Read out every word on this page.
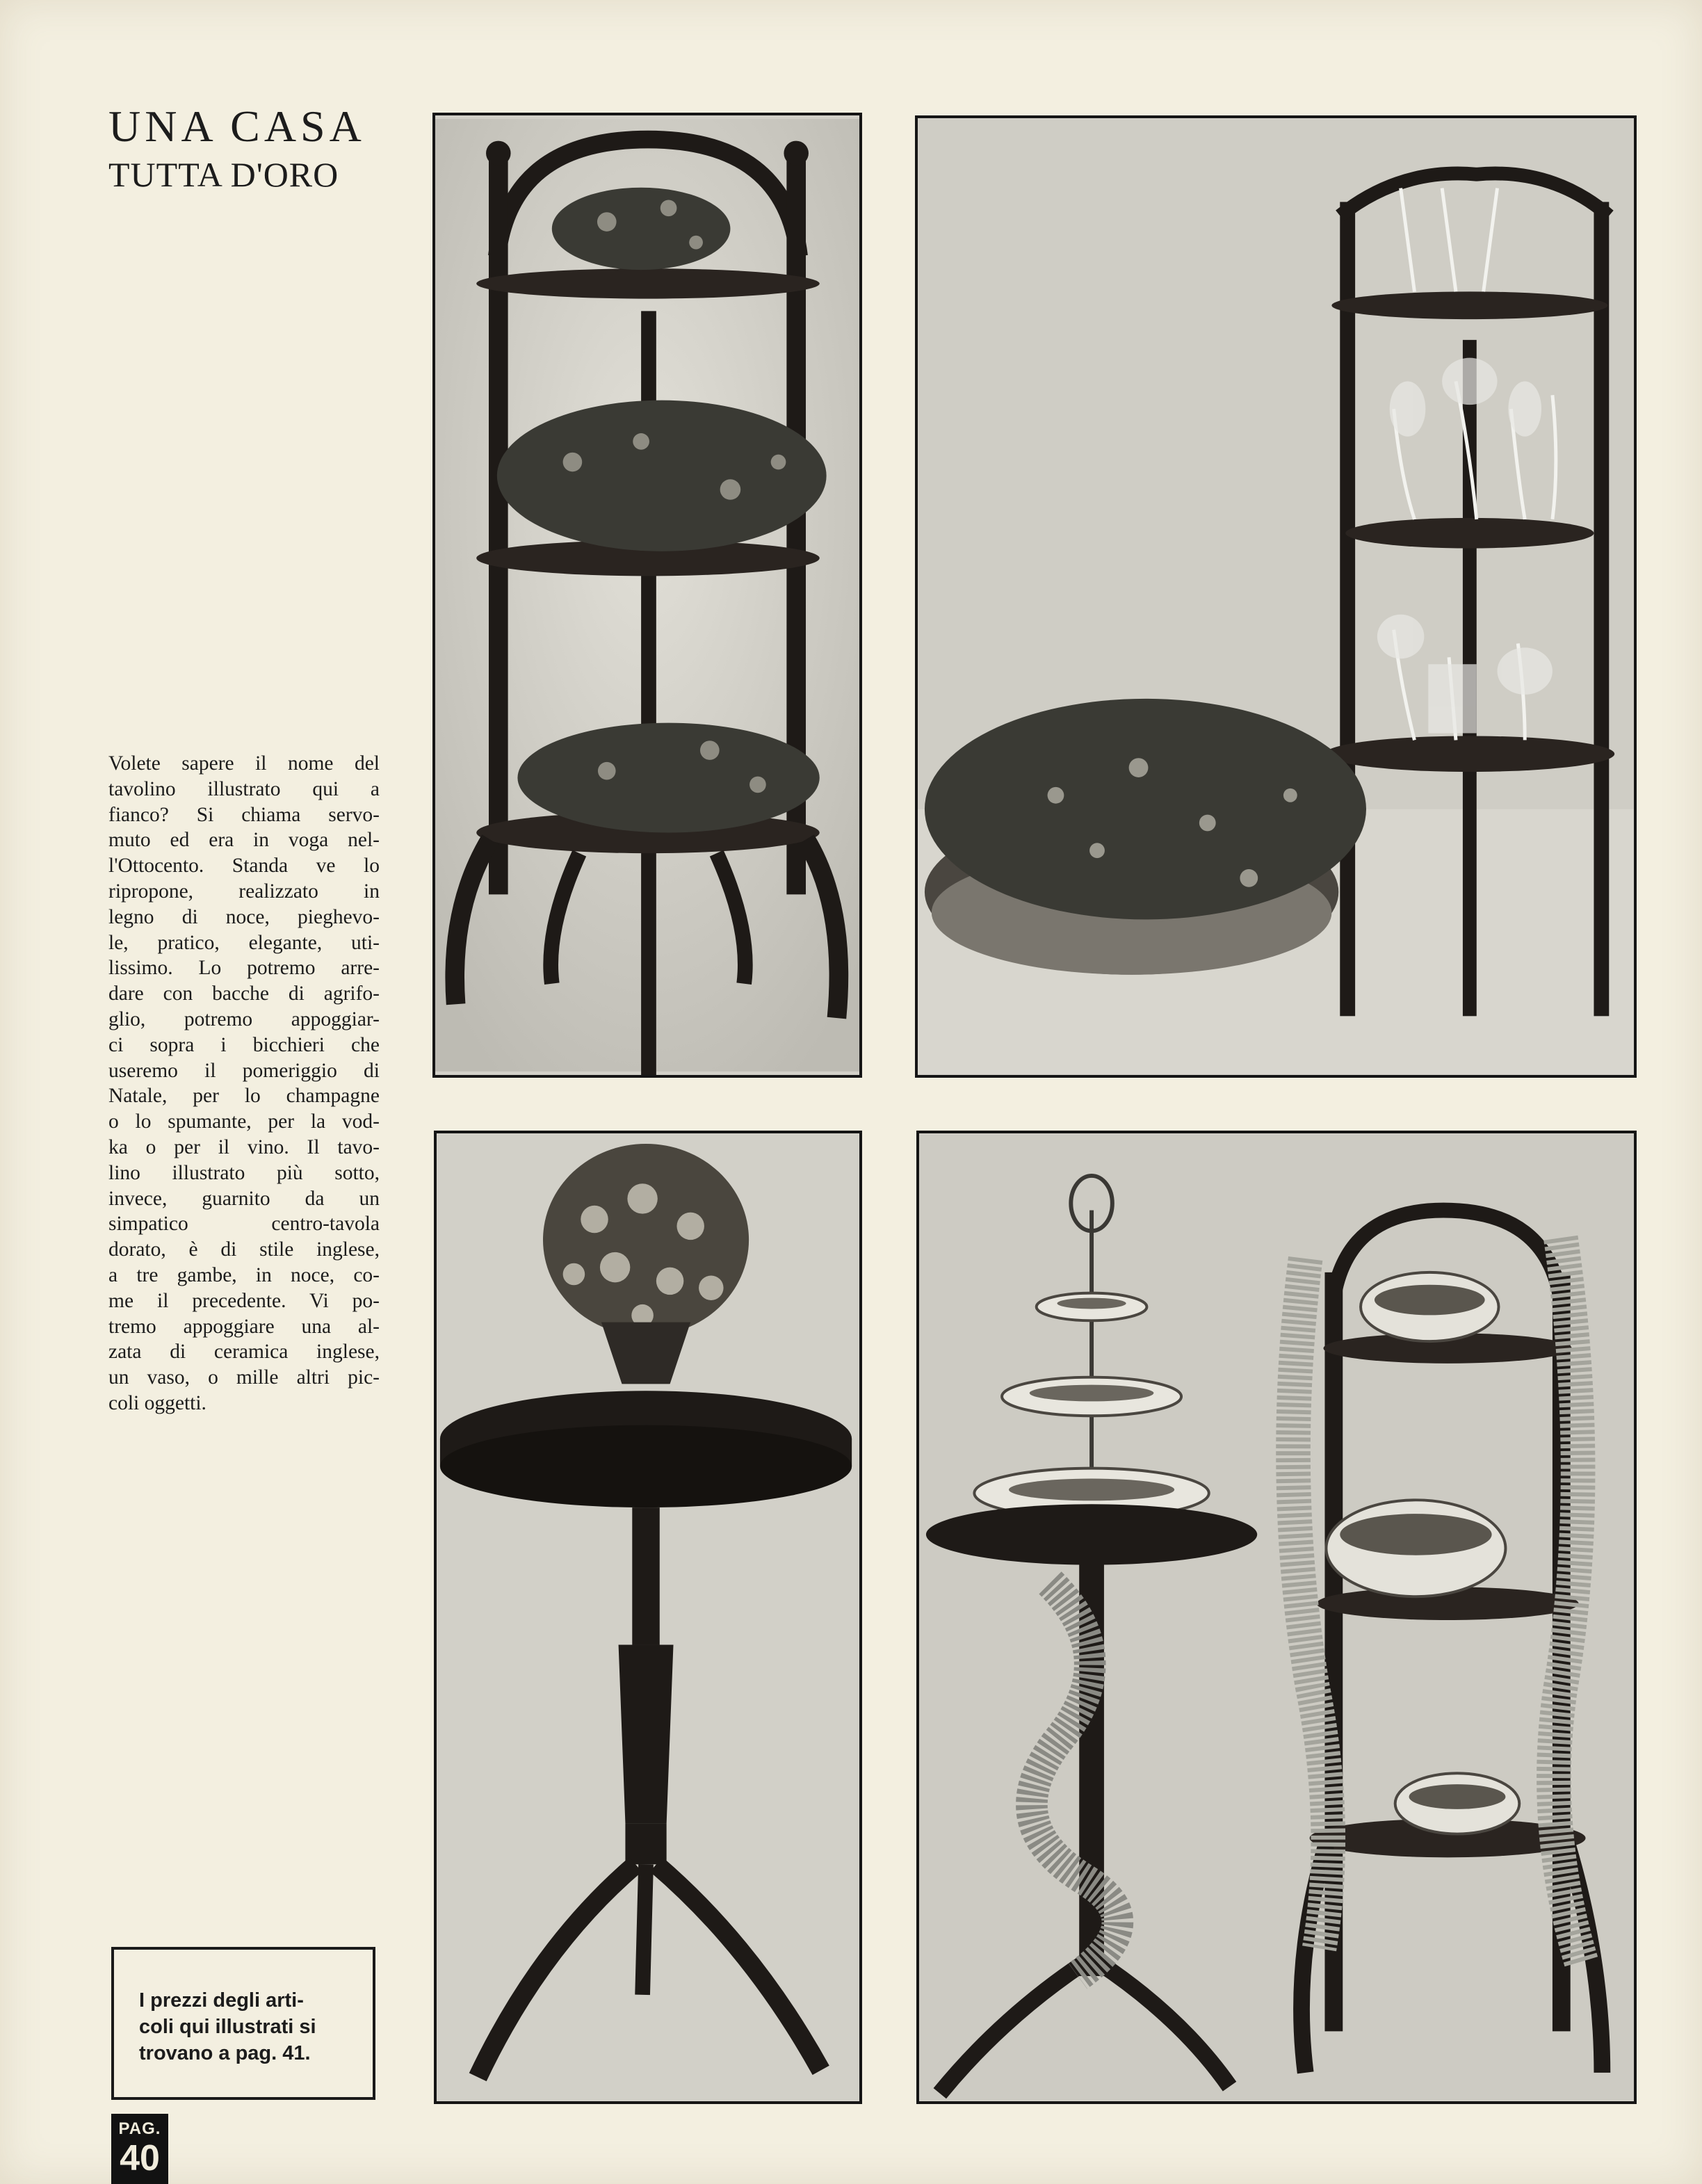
UNA CASA
TUTTA D'ORO
Volete sapere il nome del
tavolino illustrato qui a
fianco? Si chiama servo-
muto ed era in voga nel-
l'Ottocento. Standa ve lo
ripropone, realizzato in
legno di noce, pieghevo-
le, pratico, elegante, uti-
lissimo. Lo potremo arre-
dare con bacche di agrifo-
glio, potremo appoggiar-
ci sopra i bicchieri che
useremo il pomeriggio di
Natale, per lo champagne
o lo spumante, per la vod-
ka o per il vino. Il tavo-
lino illustrato più sotto,
invece, guarnito da un
simpatico centro-tavola
dorato, è di stile inglese,
a tre gambe, in noce, co-
me il precedente. Vi po-
tremo appoggiare una al-
zata di ceramica inglese,
un vaso, o mille altri pic-
coli oggetti.
I prezzi degli arti-
coli qui illustrati si
trovano a pag. 41.
PAG.
40
